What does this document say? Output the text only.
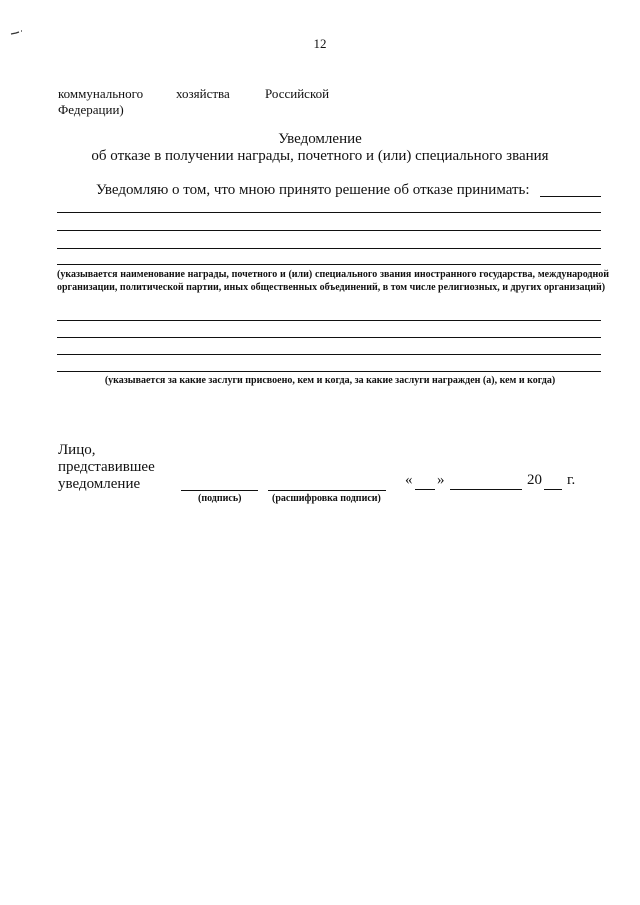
12
коммунального	хозяйства	Российской
Федерации)
Уведомление
об отказе в получении награды, почетного и (или) специального звания
Уведомляю о том, что мною принято решение об отказе принимать:
(указывается наименование награды, почетного и (или) специального звания иностранного государства, международной организации, политической партии, иных общественных объединений, в том числе религиозных, и других организаций)
(указывается за какие заслуги присвоено, кем и когда, за какие заслуги награжден (а), кем и когда)
Лицо,
представившее
уведомление
(подпись)	(расшифровка подписи)
« »	20 г.
